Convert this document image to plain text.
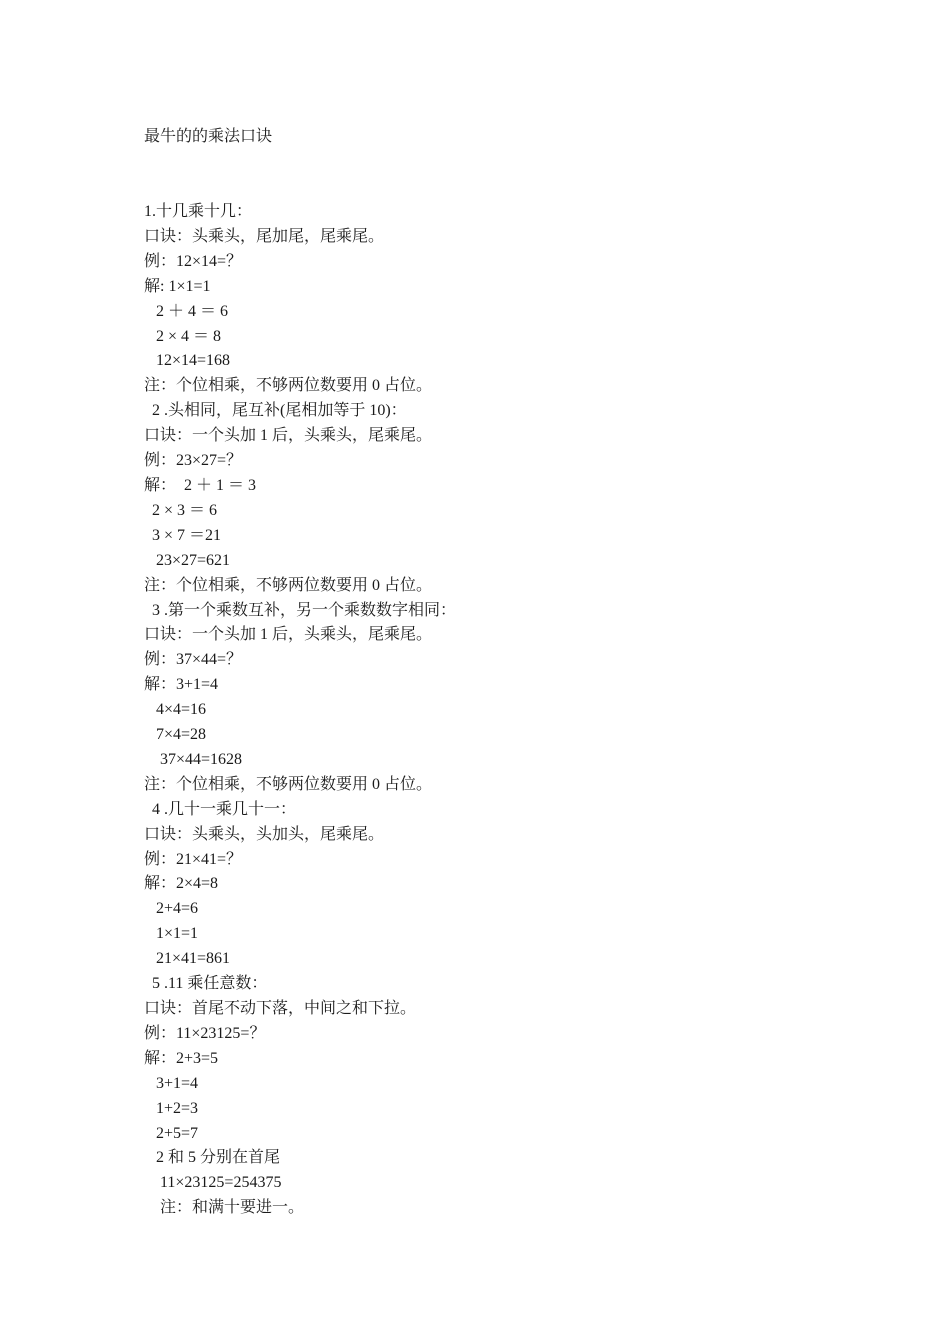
最牛的的乘法口诀
1.十几乘十几：
口诀：头乘头，尾加尾，尾乘尾。
例：12×14=？
解: 1×1=1
2 ＋ 4 ＝ 6
2 × 4 ＝ 8
12×14=168
注：个位相乘，不够两位数要用 0 占位。
2 .头相同，尾互补(尾相加等于 10)：
口诀：一个头加 1 后，头乘头，尾乘尾。
例：23×27=？
解：  2 ＋ 1 ＝ 3
2 × 3 ＝ 6
3 × 7 ＝21
23×27=621
注：个位相乘，不够两位数要用 0 占位。
3 .第一个乘数互补，另一个乘数数字相同：
口诀：一个头加 1 后，头乘头，尾乘尾。
例：37×44=？
解：3+1=4
4×4=16
7×4=28
37×44=1628
注：个位相乘，不够两位数要用 0 占位。
4 .几十一乘几十一：
口诀：头乘头，头加头，尾乘尾。
例：21×41=？
解：2×4=8
2+4=6
1×1=1
21×41=861
5 .11 乘任意数：
口诀：首尾不动下落，中间之和下拉。
例：11×23125=？
解：2+3=5
3+1=4
1+2=3
2+5=7
2 和 5 分别在首尾
11×23125=254375
注：和满十要进一。
